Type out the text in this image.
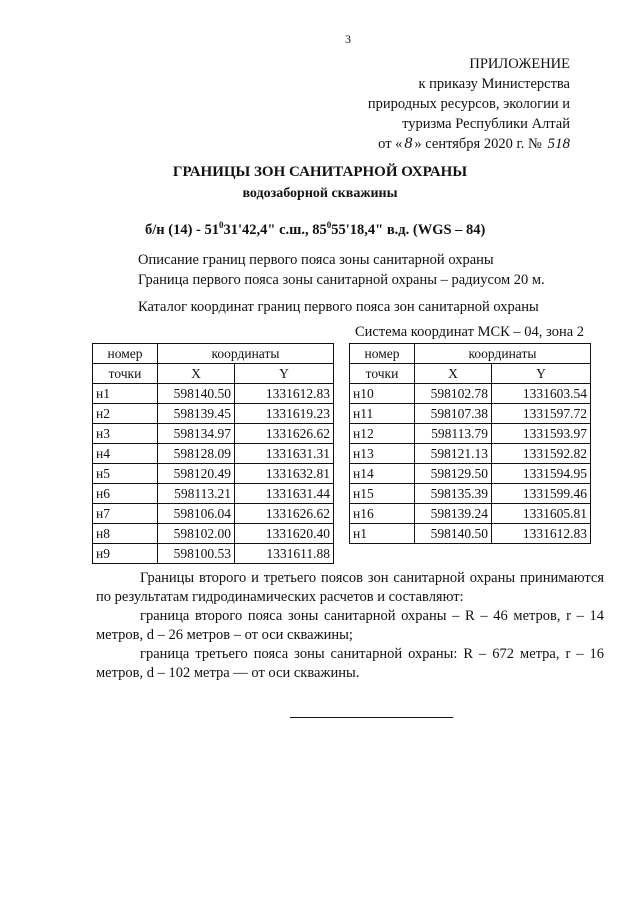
3
ПРИЛОЖЕНИЕ
к приказу Министерства
природных ресурсов, экологии и
туризма Республики Алтай
от « 8 » сентября 2020 г. № 518
ГРАНИЦЫ ЗОН САНИТАРНОЙ ОХРАНЫ
водозаборной скважины
б/н $(14) - 51^031'42,4$" с.ш., $85^055'18,4$" в.д. (WGS – 84)
Описание границ первого пояса зоны санитарной охраны
Граница первого пояса зоны санитарной охраны – радиусом 20 м.
Каталог координат границ первого пояса зон санитарной охраны
Система координат МСК – 04, зона 2
номер	координаты	
точки	X	Y
н1	598140.50	1331612.83
н2	598139.45	1331619.23
н3	598134.97	1331626.62
н4	598128.09	1331631.31
н5	598120.49	1331632.81
н6	598113.21	1331631.44
н7	598106.04	1331626.62
н8	598102.00	1331620.40
н9	598100.53	1331611.88
номер	координаты	
точки	X	Y
н10	598102.78	1331603.54
н11	598107.38	1331597.72
н12	598113.79	1331593.97
н13	598121.13	1331592.82
н14	598129.50	1331594.95
н15	598135.39	1331599.46
н16	598139.24	1331605.81
н1	598140.50	1331612.83

Границы второго и третьего поясов зон санитарной охраны принимаются по результатам гидродинамических расчетов и составляют:

граница второго пояса зоны санитарной охраны – R – 46 метров, r – 14 метров, d – 26 метров – от оси скважины;

граница третьего пояса зоны санитарной охраны: R – 672 метра, r – 16 метров, d – 102 метра — от оси скважины.
